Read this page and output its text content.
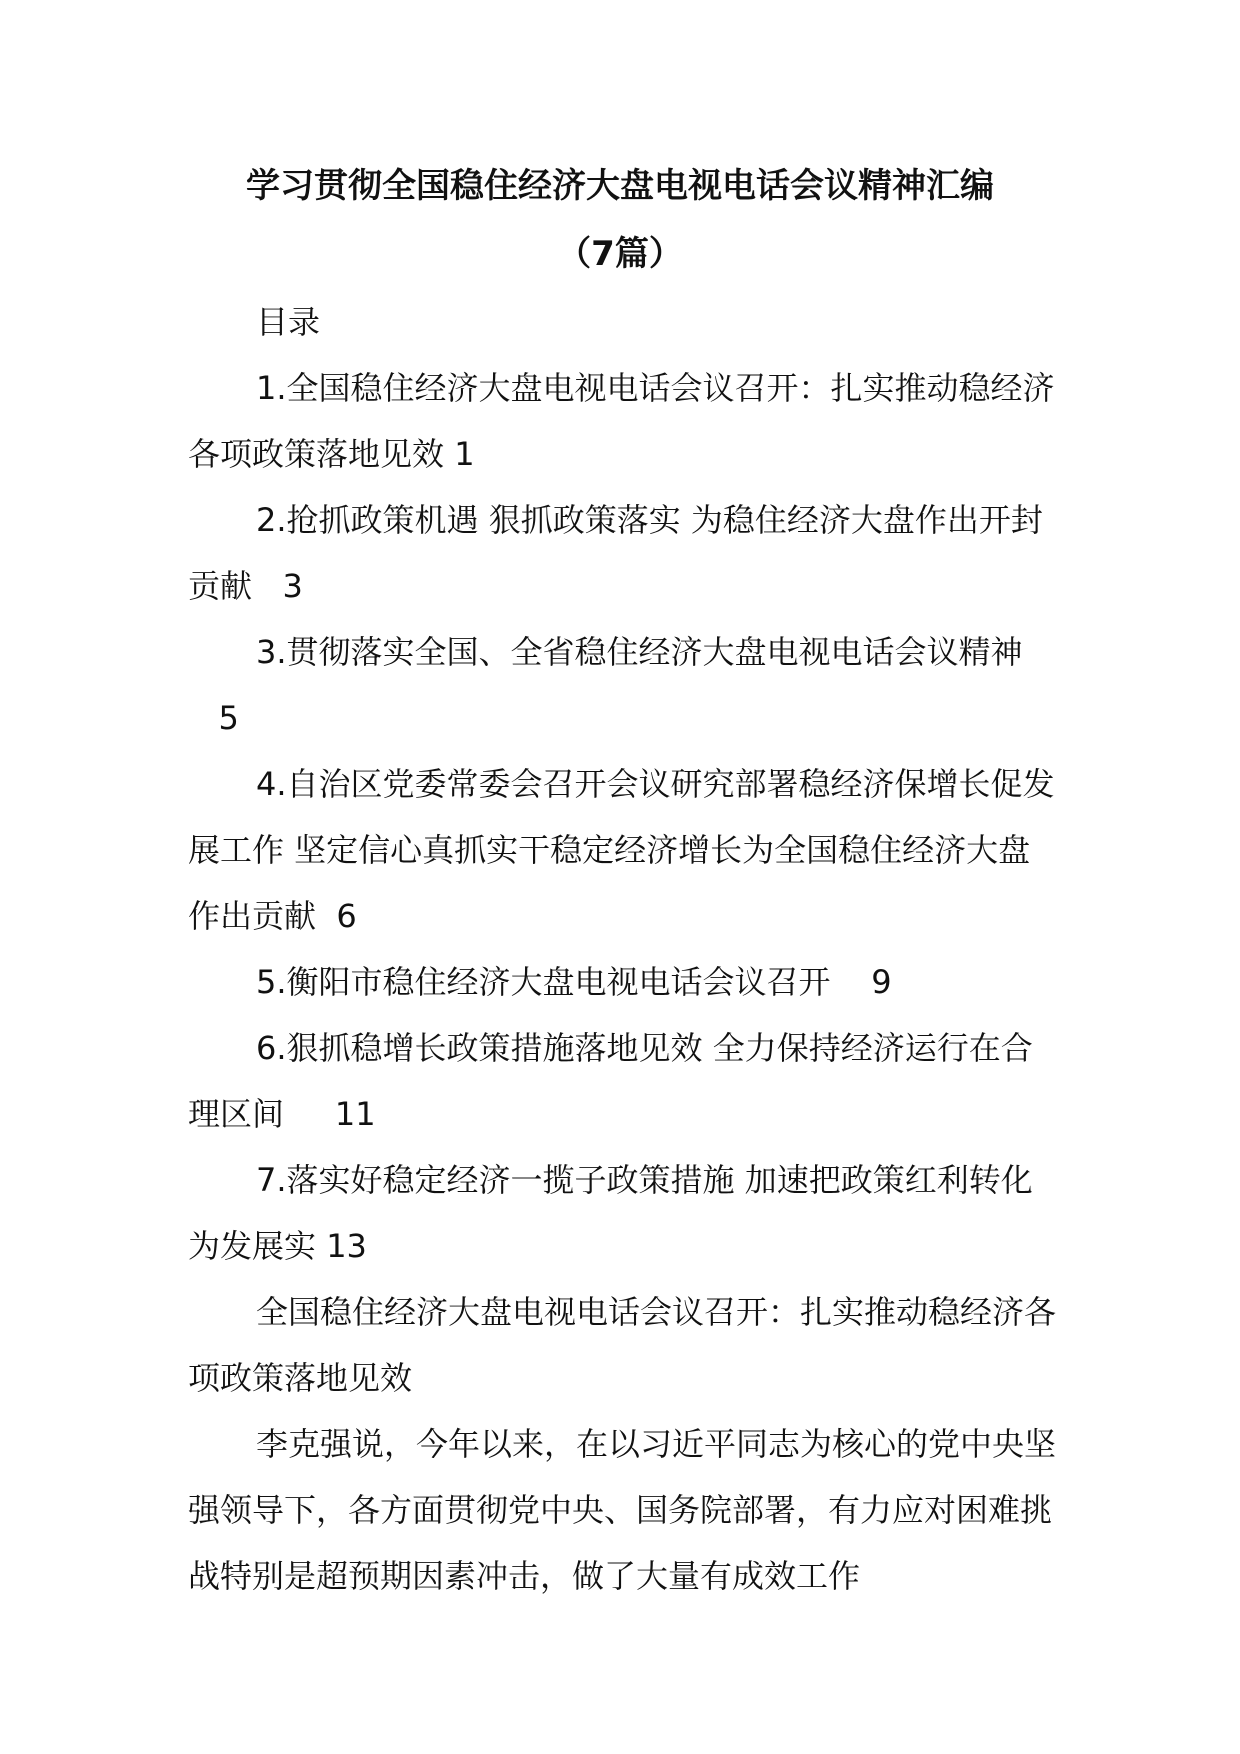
学习贯彻全国稳住经济大盘电视电话会议精神汇编
（7篇）

目录

1.全国稳住经济大盘电视电话会议召开：扎实推动稳经济各项政策落地见效 1

2.抢抓政策机遇 狠抓政策落实 为稳住经济大盘作出开封贡献 3

3.贯彻落实全国、全省稳住经济大盘电视电话会议精神   5

4.自治区党委常委会召开会议研究部署稳经济保增长促发展工作 坚定信心真抓实干稳定经济增长为全国稳住经济大盘作出贡献 6

5.衡阳市稳住经济大盘电视电话会议召开 9

6.狠抓稳增长政策措施落地见效 全力保持经济运行在合理区间 11

7.落实好稳定经济一揽子政策措施 加速把政策红利转化为发展实 13

全国稳住经济大盘电视电话会议召开：扎实推动稳经济各项政策落地见效

李克强说，今年以来，在以习近平同志为核心的党中央坚强领导下，各方面贯彻党中央、国务院部署，有力应对困难挑战特别是超预期因素冲击，做了大量有成效工作
